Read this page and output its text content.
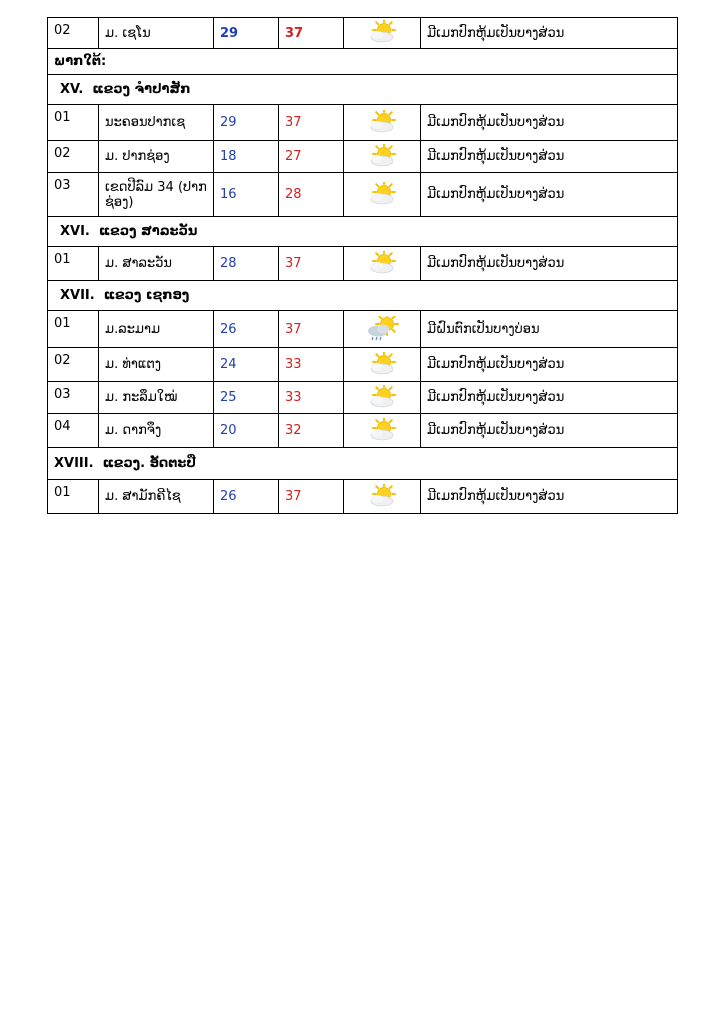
02	ມ. ເຊໂນ	29	37		ມີເມກປົກຫຸ້ມເປັນບາງສ່ວນ
ພາກໃຕ້:					
XV. ແຂວງ ຈຳປາສັກ					
01	ນະຄອນປາກເຊ	29	37		ມີເມກປົກຫຸ້ມເປັນບາງສ່ວນ
02	ມ. ປາກຊ່ອງ	18	27		ມີເມກປົກຫຸ້ມເປັນບາງສ່ວນ
03	ເຂດປີລົມ 34 (ປາກຊ່ອງ)	16	28		ມີເມກປົກຫຸ້ມເປັນບາງສ່ວນ
XVI. ແຂວງ ສາລະວັນ					
01	ມ. ສາລະວັນ	28	37		ມີເມກປົກຫຸ້ມເປັນບາງສ່ວນ
XVII. ແຂວງ ເຊກອງ					
01	ມ.ລະມາມ	26	37		ມີຝົນຕົກເປັນບາງບ່ອນ
02	ມ. ທ່າແຕງ	24	33		ມີເມກປົກຫຸ້ມເປັນບາງສ່ວນ
03	ມ. ກະລຶມໃໝ່	25	33		ມີເມກປົກຫຸ້ມເປັນບາງສ່ວນ
04	ມ. ດາກຈຶງ	20	32		ມີເມກປົກຫຸ້ມເປັນບາງສ່ວນ
XVIII. ແຂວງ. ອັດຕະປື					
01	ມ. ສາມັກຄີໄຊ	26	37		ມີເມກປົກຫຸ້ມເປັນບາງສ່ວນ
